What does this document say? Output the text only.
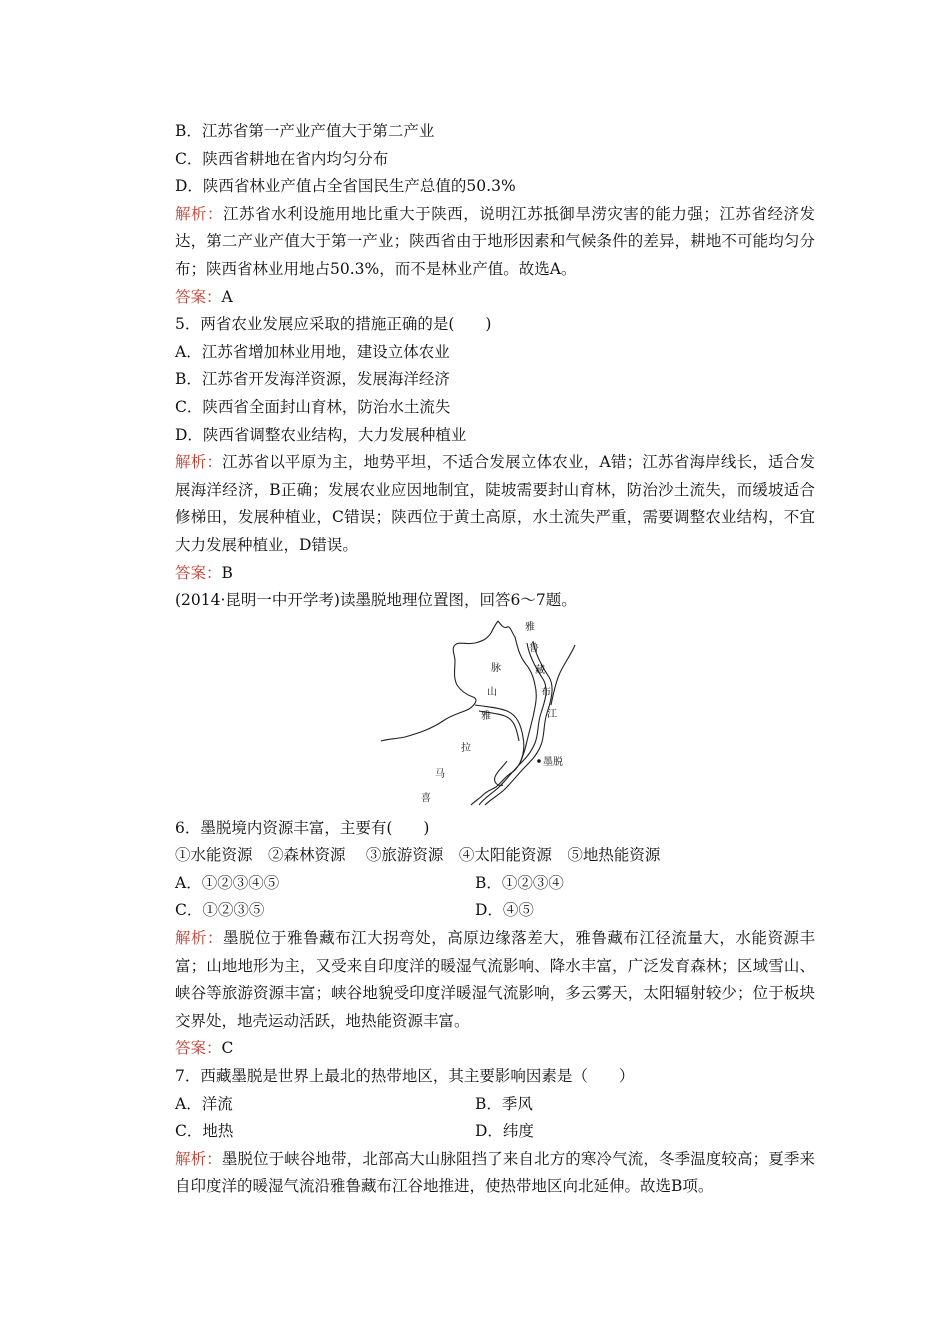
B．江苏省第一产业产值大于第二产业
C．陕西省耕地在省内均匀分布
D．陕西省林业产值占全省国民生产总值的50.3%
解析：江苏省水利设施用地比重大于陕西，说明江苏抵御旱涝灾害的能力强；江苏省经济发达，第二产业产值大于第一产业；陕西省由于地形因素和气候条件的差异，耕地不可能均匀分布；陕西省林业用地占50.3%，而不是林业产值。故选A。
答案：A
5．两省农业发展应采取的措施正确的是(　　)
A．江苏省增加林业用地，建设立体农业
B．江苏省开发海洋资源，发展海洋经济
C．陕西省全面封山育林，防治水土流失
D．陕西省调整农业结构，大力发展种植业
解析：江苏省以平原为主，地势平坦，不适合发展立体农业，A错；江苏省海岸线长，适合发展海洋经济，B正确；发展农业应因地制宜，陡坡需要封山育林，防治沙土流失，而缓坡适合修梯田，发展种植业，C错误；陕西位于黄土高原，水土流失严重，需要调整农业结构，不宜大力发展种植业，D错误。
答案：B
(2014·昆明一中开学考)读墨脱地理位置图，回答6～7题。
雅
鲁
藏
布
江
脉
山
雅
拉
马
喜
墨脱
6．墨脱境内资源丰富，主要有(　　)
①水能资源　②森林资源　 ③旅游资源　④太阳能资源　⑤地热能资源
A．①②③④⑤	B．①②③④
C．①②③⑤	D．④⑤
解析：墨脱位于雅鲁藏布江大拐弯处，高原边缘落差大，雅鲁藏布江径流量大，水能资源丰富；山地地形为主，又受来自印度洋的暖湿气流影响、降水丰富，广泛发育森林；区域雪山、峡谷等旅游资源丰富；峡谷地貌受印度洋暖湿气流影响，多云雾天，太阳辐射较少；位于板块交界处，地壳运动活跃，地热能资源丰富。
答案：C
7．西藏墨脱是世界上最北的热带地区，其主要影响因素是（　　）
A．洋流	B．季风
C．地热	D．纬度
解析：墨脱位于峡谷地带，北部高大山脉阻挡了来自北方的寒冷气流，冬季温度较高；夏季来自印度洋的暖湿气流沿雅鲁藏布江谷地推进，使热带地区向北延伸。故选B项。
